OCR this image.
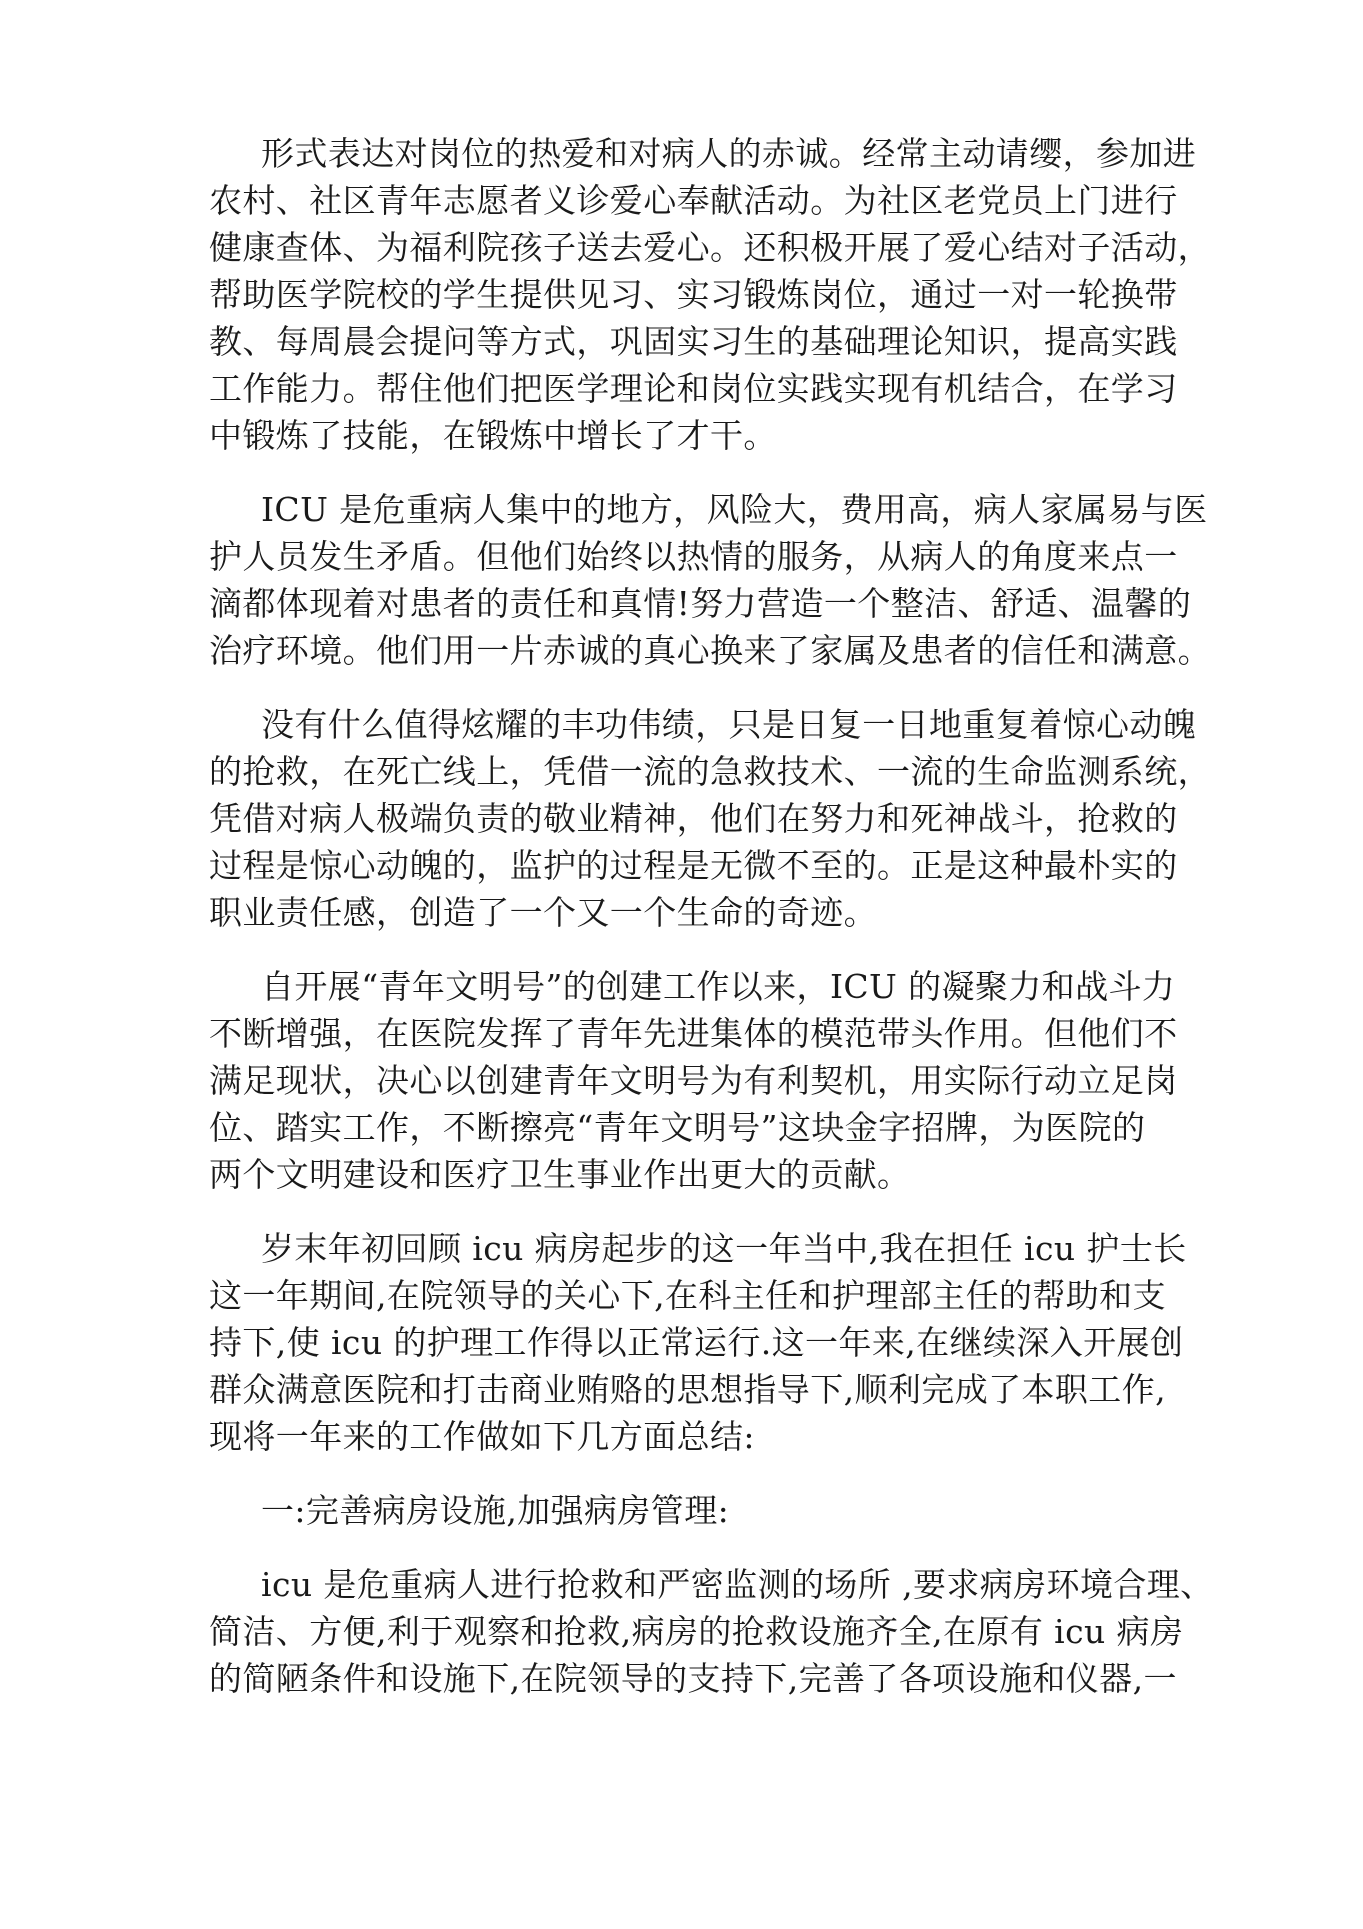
形式表达对岗位的热爱和对病人的赤诚。经常主动请缨，参加进
农村、社区青年志愿者义诊爱心奉献活动。为社区老党员上门进行
健康查体、为福利院孩子送去爱心。还积极开展了爱心结对子活动，
帮助医学院校的学生提供见习、实习锻炼岗位，通过一对一轮换带
教、每周晨会提问等方式，巩固实习生的基础理论知识，提高实践
工作能力。帮住他们把医学理论和岗位实践实现有机结合，在学习
中锻炼了技能，在锻炼中增长了才干。
ICU 是危重病人集中的地方，风险大，费用高，病人家属易与医
护人员发生矛盾。但他们始终以热情的服务，从病人的角度来点一
滴都体现着对患者的责任和真情!努力营造一个整洁、舒适、温馨的
治疗环境。他们用一片赤诚的真心换来了家属及患者的信任和满意。
没有什么值得炫耀的丰功伟绩，只是日复一日地重复着惊心动魄
的抢救，在死亡线上，凭借一流的急救技术、一流的生命监测系统，
凭借对病人极端负责的敬业精神，他们在努力和死神战斗，抢救的
过程是惊心动魄的，监护的过程是无微不至的。正是这种最朴实的
职业责任感，创造了一个又一个生命的奇迹。
自开展“青年文明号”的创建工作以来，ICU 的凝聚力和战斗力
不断增强，在医院发挥了青年先进集体的模范带头作用。但他们不
满足现状，决心以创建青年文明号为有利契机，用实际行动立足岗
位、踏实工作，不断擦亮“青年文明号”这块金字招牌，为医院的
两个文明建设和医疗卫生事业作出更大的贡献。
岁末年初回顾 icu 病房起步的这一年当中,我在担任 icu 护士长
这一年期间,在院领导的关心下,在科主任和护理部主任的帮助和支
持下,使 icu 的护理工作得以正常运行.这一年来,在继续深入开展创
群众满意医院和打击商业贿赂的思想指导下,顺利完成了本职工作,
现将一年来的工作做如下几方面总结:
一:完善病房设施,加强病房管理:
icu 是危重病人进行抢救和严密监测的场所 ,要求病房环境合理、
简洁、方便,利于观察和抢救,病房的抢救设施齐全,在原有 icu 病房
的简陋条件和设施下,在院领导的支持下,完善了各项设施和仪器,一
